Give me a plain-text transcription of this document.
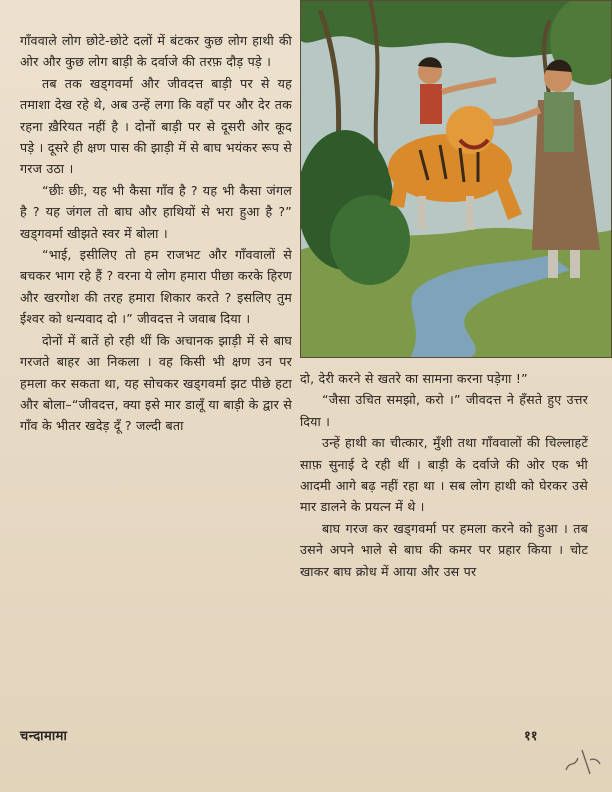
गाँववाले लोग छोटे-छोटे दलों में बंटकर कुछ लोग हाथी की ओर और कुछ लोग बाड़ी के दर्वाजे की तरफ़ दौड़ पड़े ।

तब तक खड्गवर्मा और जीवदत्त बाड़ी पर से यह तमाशा देख रहे थे, अब उन्हें लगा कि वहाँ पर और देर तक रहना ख़ैरियत नहीं है । दोनों बाड़ी पर से दूसरी ओर कूद पड़े । दूसरे ही क्षण पास की झाड़ी में से बाघ भयंकर रूप से गरज उठा ।

“छीः छीः, यह भी कैसा गाँव है ? यह भी कैसा जंगल है ? यह जंगल तो बाघ और हाथियों से भरा हुआ है ?” खड्गवर्मा खीझते स्वर में बोला ।

“भाई, इसीलिए तो हम राजभट और गाँववालों से बचकर भाग रहे हैं ? वरना ये लोग हमारा पीछा करके हिरण और खरगोश की तरह हमारा शिकार करते ? इसलिए तुम ईश्वर को धन्यवाद दो ।” जीवदत्त ने जवाब दिया ।

दोनों में बातें हो रही थीं कि अचानक झाड़ी में से बाघ गरजते बाहर आ निकला । वह किसी भी क्षण उन पर हमला कर सकता था, यह सोचकर खड्गवर्मा झट पीछे हटा और बोला–“जीवदत्त, क्या इसे मार डालूँ या बाड़ी के द्वार से गाँव के भीतर खदेड़ दूँ ? जल्दी बता

दो, देरी करने से खतरे का सामना करना पड़ेगा !”

“जैसा उचित समझो, करो ।” जीवदत्त ने हँसते हुए उत्तर दिया ।

उन्हें हाथी का चीत्कार, मुँशी तथा गाँववालों की चिल्लाहटें साफ़ सुनाई दे रही थीं । बाड़ी के दर्वाजे की ओर एक भी आदमी आगे बढ़ नहीं रहा था । सब लोग हाथी को घेरकर उसे मार डालने के प्रयत्न में थे ।

बाघ गरज कर खड्गवर्मा पर हमला करने को हुआ । तब उसने अपने भाले से बाघ की कमर पर प्रहार किया । चोट खाकर बाघ क्रोध में आया और उस पर

चन्दामामा	११
